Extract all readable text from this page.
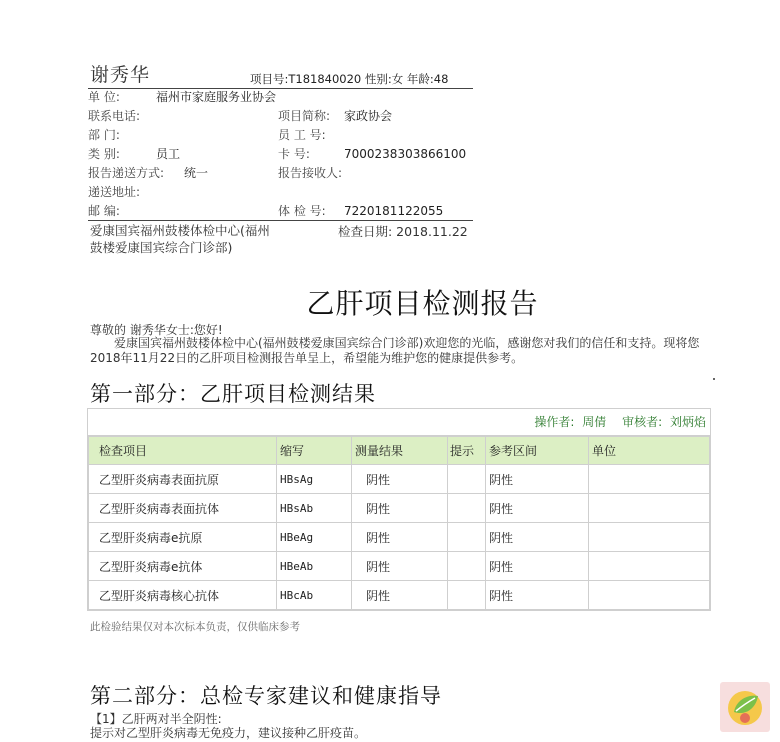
谢秀华	项目号:T181840020 性别:女 年龄:48
单 位:	福州市家庭服务业协会
联系电话:	项目简称: 家政协会
部 门:	员 工 号:
类 别:	员工	卡 号:	7000238303866100
报告递送方式: 统一	报告接收人:
递送地址:
邮 编:	体 检 号: 7220181122055
爱康国宾福州鼓楼体检中心(福州鼓楼爱康国宾综合门诊部)
检查日期: 2018.11.22
乙肝项目检测报告
尊敬的 谢秀华女士:您好!
爱康国宾福州鼓楼体检中心(福州鼓楼爱康国宾综合门诊部)欢迎您的光临，感谢您对我们的信任和支持。现将您2018年11月22日的乙肝项目检测报告单呈上，希望能为维护您的健康提供参考。
第一部分：乙肝项目检测结果
操作者: 周倩 审核者: 刘炳焰
检查项目	缩写	测量结果	提示	参考区间	单位
乙型肝炎病毒表面抗原	HBsAg	阴性		阴性	
乙型肝炎病毒表面抗体	HBsAb	阴性		阴性	
乙型肝炎病毒e抗原	HBeAg	阴性		阴性	
乙型肝炎病毒e抗体	HBeAb	阴性		阴性	
乙型肝炎病毒核心抗体	HBcAb	阴性		阴性	
此检验结果仅对本次标本负责，仅供临床参考
第二部分：总检专家建议和健康指导
【1】乙肝两对半全阴性:
提示对乙型肝炎病毒无免疫力，建议接种乙肝疫苗。
